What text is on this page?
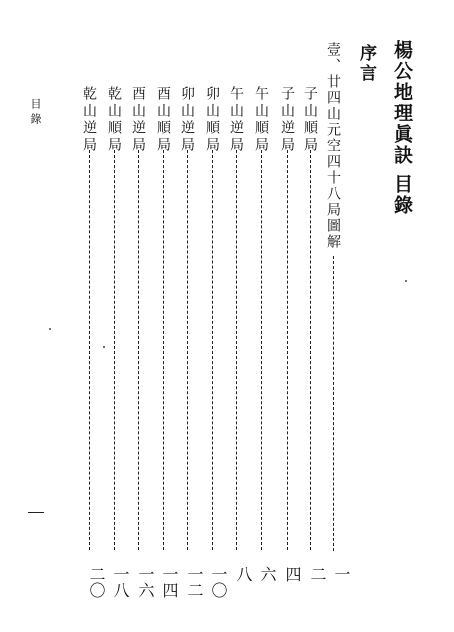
楊公地理眞訣
目錄
序言
壹、廿四山元空四十八局圖解
子山順局
子山逆局
午山順局
午山逆局
卯山順局
卯山逆局
酉山順局
酉山逆局
乾山順局
乾山逆局
一
二
四
六
八
一〇
一二
一四
一六
一八
二〇
目錄
